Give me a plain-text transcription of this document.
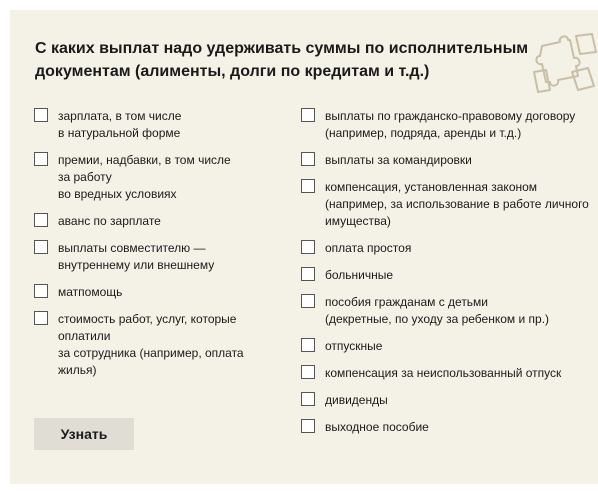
С каких выплат надо удерживать суммы по исполнительным документам (алименты, долги по кредитам и т.д.)
зарплата, в том числе
в натуральной форме
премии, надбавки, в том числе
за работу
во вредных условиях
аванс по зарплате
выплаты совместителю —
внутреннему или внешнему
матпомощь
стоимость работ, услуг, которые
оплатили
за сотрудника (например, оплата
жилья)
выплаты по гражданско-правовому договору
(например, подряда, аренды и т.д.)
выплаты за командировки
компенсация, установленная законом
(например, за использование в работе личного
имущества)
оплата простоя
больничные
пособия гражданам с детьми
(декретные, по уходу за ребенком и пр.)
отпускные
компенсация за неиспользованный отпуск
дивиденды
выходное пособие
Узнать
